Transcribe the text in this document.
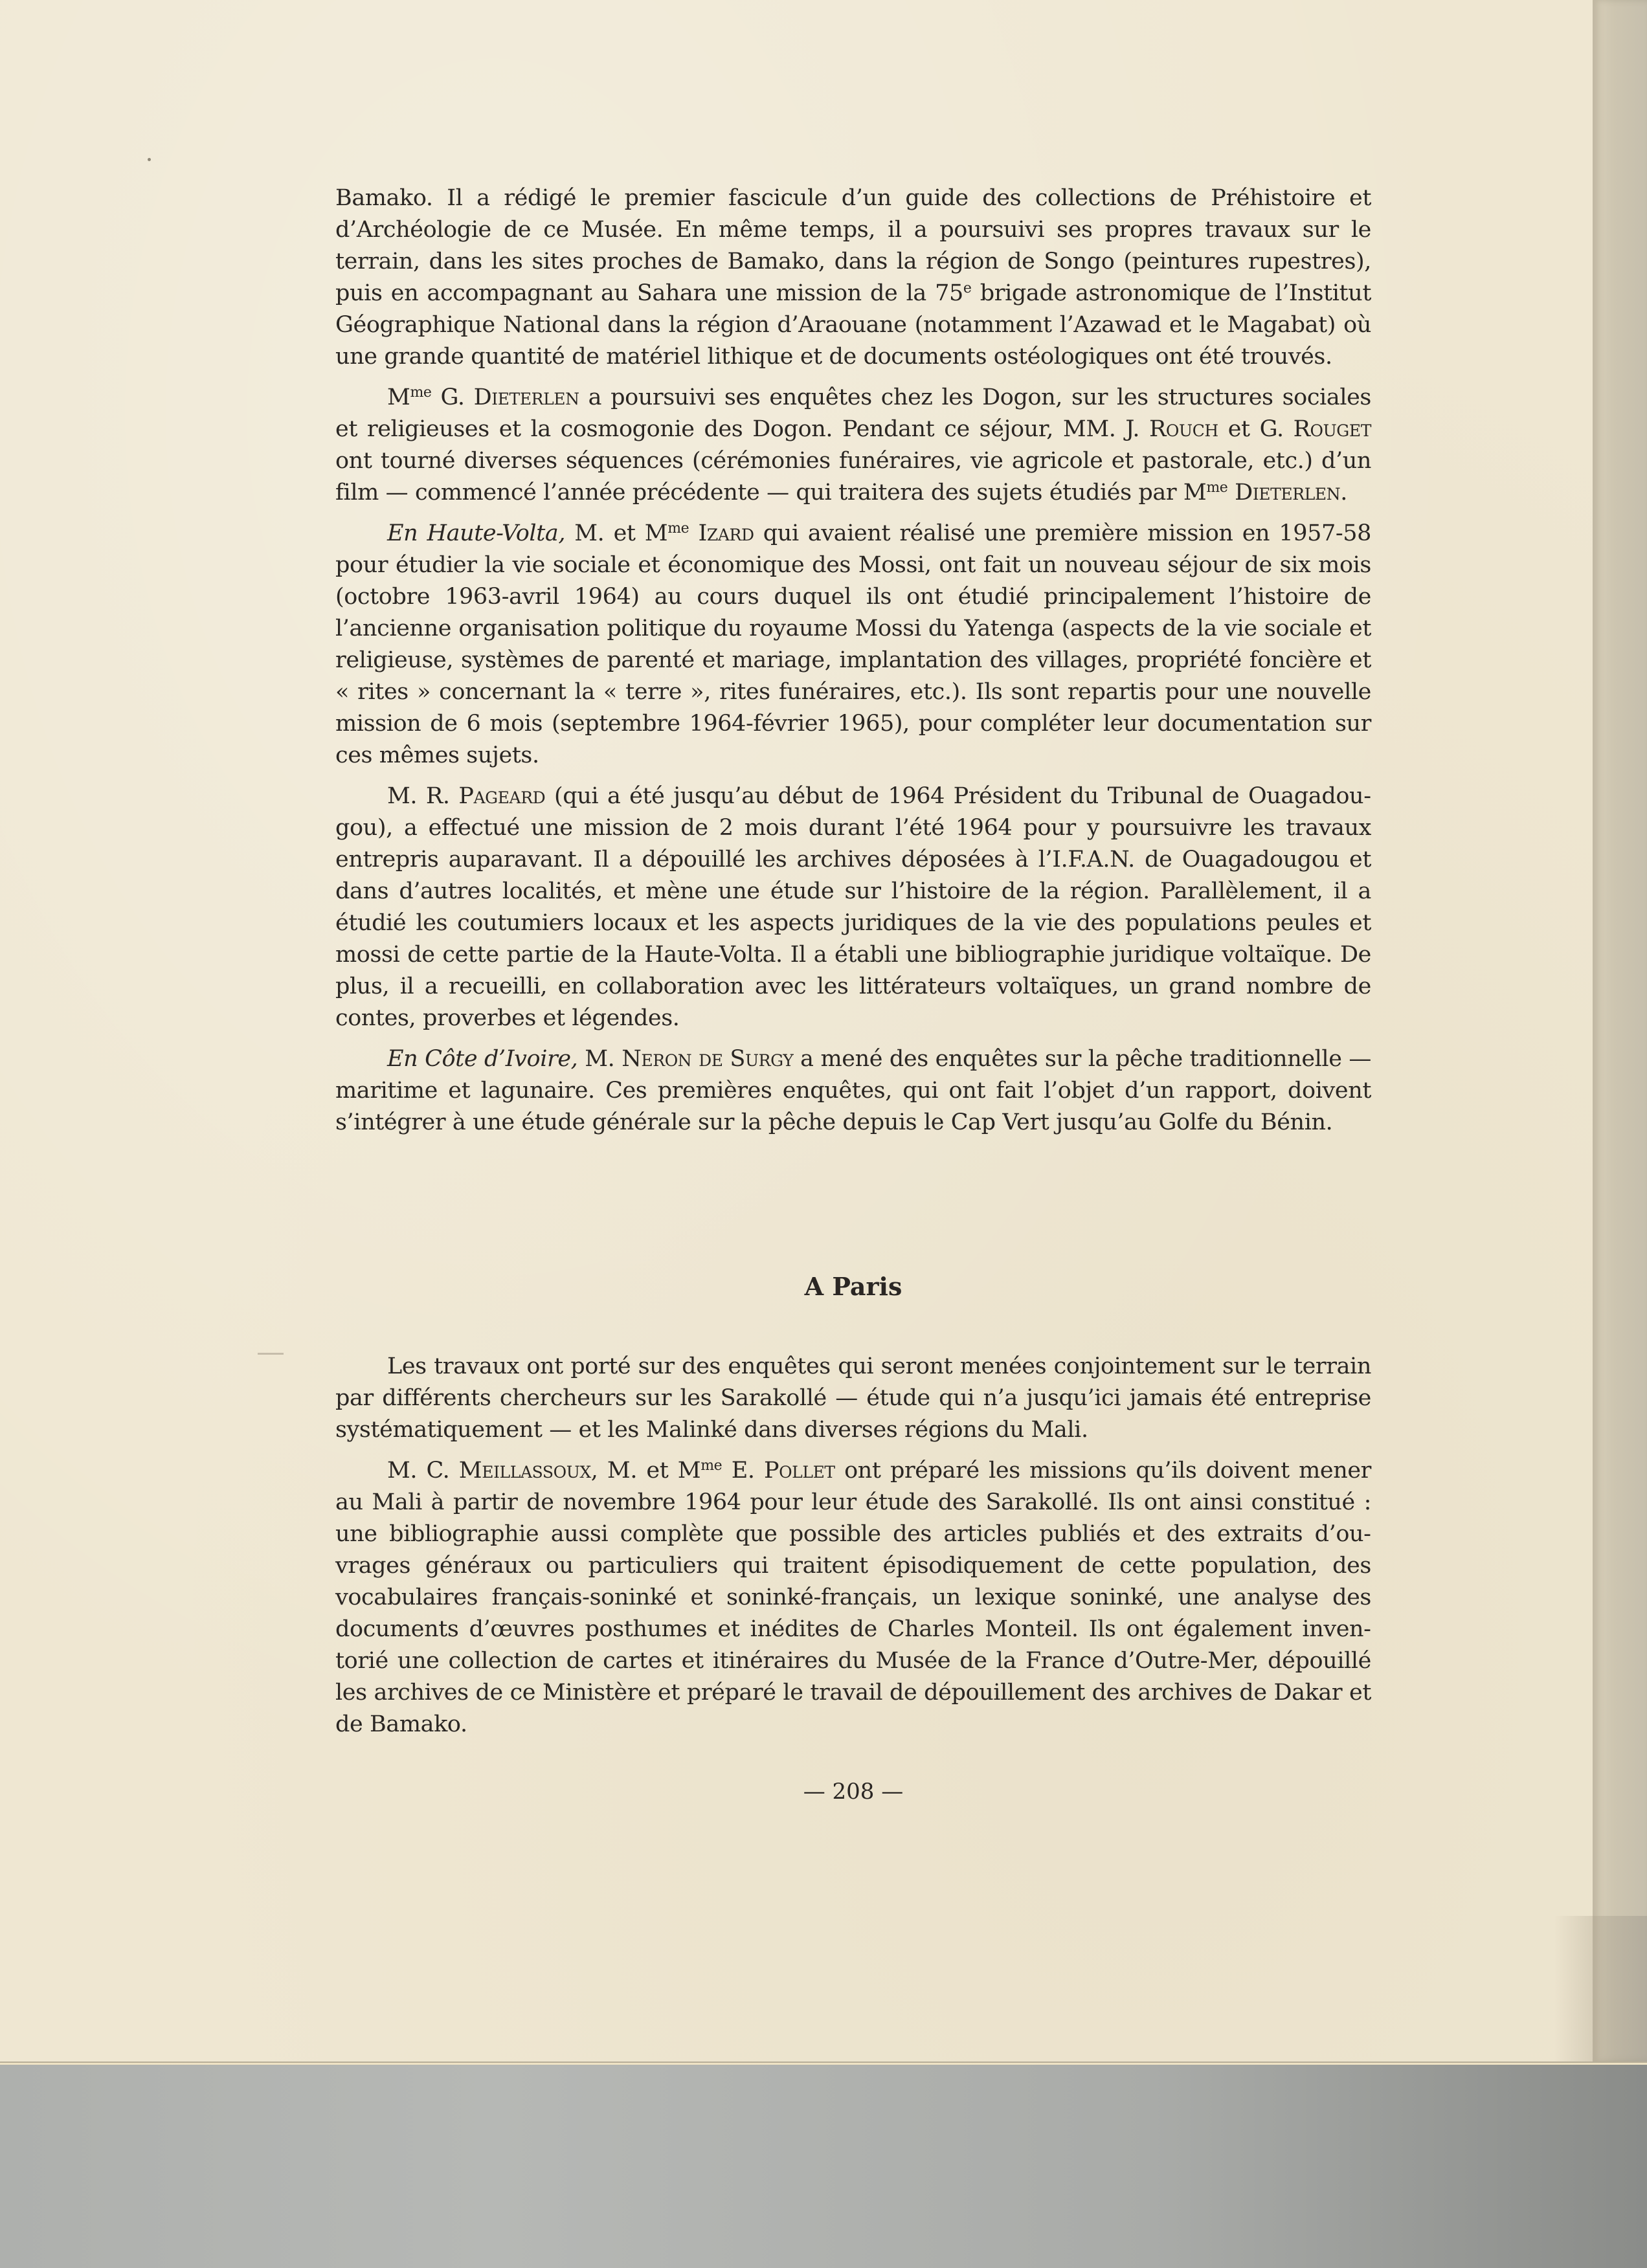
Bamako. Il a rédigé le premier fascicule d’un guide des collections de Préhistoire et d’Archéologie de ce Musée. En même temps, il a poursuivi ses propres travaux sur le terrain, dans les sites proches de Bamako, dans la région de Songo (peintures rupestres), puis en accompagnant au Sahara une mission de la 75e brigade astronomique de l’Institut Géographique National dans la région d’Araouane (notamment l’Azawad et le Magabat) où une grande quantité de matériel lithique et de documents ostéologiques ont été trouvés.

$M^{me}$ G. Dieterlen a poursuivi ses enquêtes chez les Dogon, sur les structures sociales et religieuses et la cosmogonie des Dogon. Pendant ce séjour, MM. J. Rouch et G. Rouget ont tourné diverses séquences (cérémonies funéraires, vie agricole et pastorale, etc.) d’un film — commencé l’année précédente — qui traitera des sujets étudiés par $M^{me}$ Dieterlen.

En Haute-Volta, M. et $M^{me}$ Izard qui avaient réalisé une première mission en 1957-58 pour étudier la vie sociale et économique des Mossi, ont fait un nouveau séjour de six mois (octobre 1963-avril 1964) au cours duquel ils ont étudié principalement l’histoire de l’ancienne organisation politique du royaume Mossi du Yatenga (aspects de la vie sociale et religieuse, systèmes de parenté et mariage, implantation des villages, propriété foncière et « rites » concernant la « terre », rites funéraires, etc.). Ils sont repartis pour une nouvelle mission de 6 mois (septembre 1964-février 1965), pour compléter leur documentation sur ces mêmes sujets.

M. R. Pageard (qui a été jusqu’au début de 1964 Président du Tribunal de Ouagadougou), a effectué une mission de 2 mois durant l’été 1964 pour y poursuivre les travaux entrepris auparavant. Il a dépouillé les archives déposées à l’I.F.A.N. de Ouagadougou et dans d’autres localités, et mène une étude sur l’histoire de la région. Parallèlement, il a étudié les coutumiers locaux et les aspects juridiques de la vie des populations peules et mossi de cette partie de la Haute-Volta. Il a établi une bibliographie juridique voltaïque. De plus, il a recueilli, en collaboration avec les littérateurs voltaïques, un grand nombre de contes, proverbes et légendes.

En Côte d’Ivoire, M. Neron de Surgy a mené des enquêtes sur la pêche traditionnelle — maritime et lagunaire. Ces premières enquêtes, qui ont fait l’objet d’un rapport, doivent s’intégrer à une étude générale sur la pêche depuis le Cap Vert jusqu’au Golfe du Bénin.

A Paris

Les travaux ont porté sur des enquêtes qui seront menées conjointement sur le terrain par différents chercheurs sur les Sarakollé — étude qui n’a jusqu’ici jamais été entreprise systématiquement — et les Malinké dans diverses régions du Mali.

M. C. Meillassoux, M. et $M^{me}$ E. Pollet ont préparé les missions qu’ils doivent mener au Mali à partir de novembre 1964 pour leur étude des Sarakollé. Ils ont ainsi constitué : une bibliographie aussi complète que possible des articles publiés et des extraits d’ouvrages généraux ou particuliers qui traitent épisodiquement de cette population, des vocabulaires français-soninké et soninké-français, un lexique soninké, une analyse des documents d’œuvres posthumes et inédites de Charles Monteil. Ils ont également inventorié une collection de cartes et itinéraires du Musée de la France d’Outre-Mer, dépouillé les archives de ce Ministère et préparé le travail de dépouillement des archives de Dakar et de Bamako.

— 208 —
